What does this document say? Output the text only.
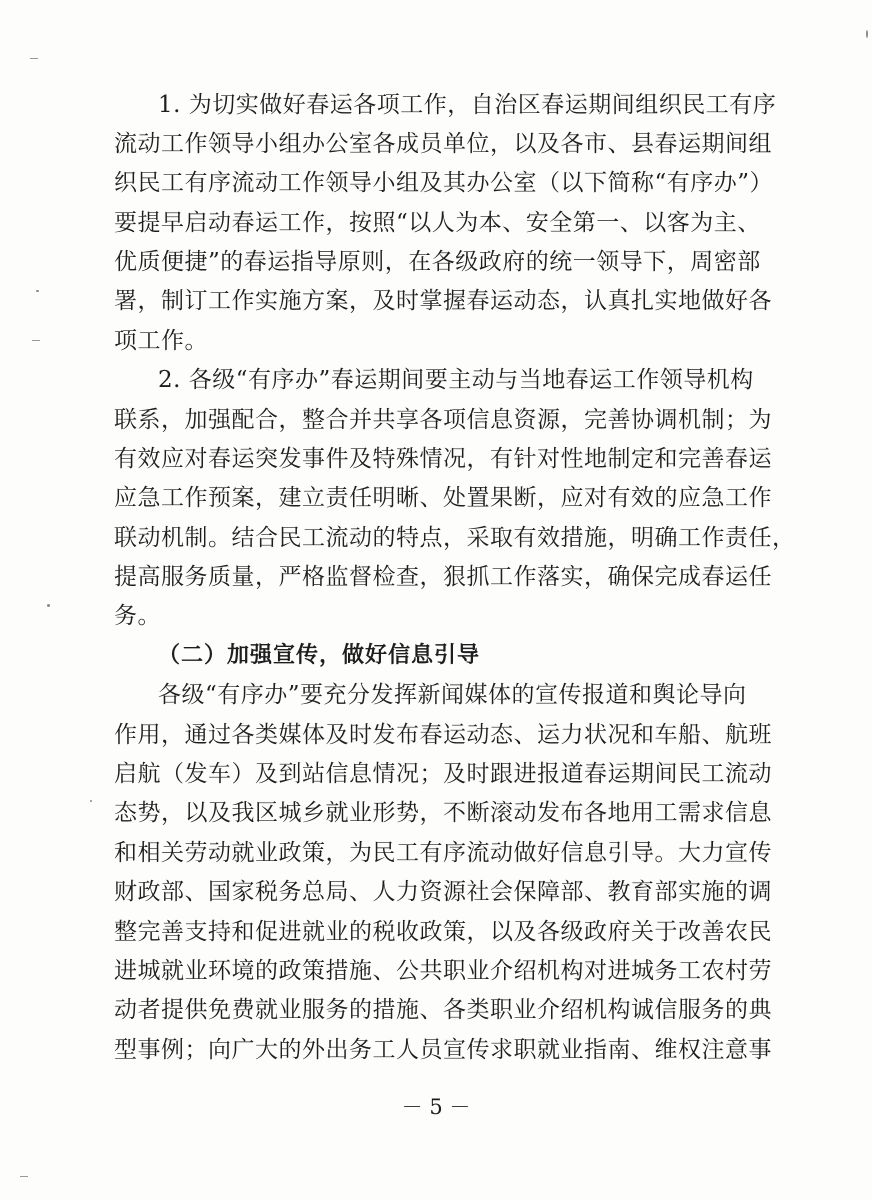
1. 为切实做好春运各项工作，自治区春运期间组织民工有序
流动工作领导小组办公室各成员单位，以及各市、县春运期间组
织民工有序流动工作领导小组及其办公室（以下简称“有序办”）
要提早启动春运工作，按照“以人为本、安全第一、以客为主、
优质便捷”的春运指导原则，在各级政府的统一领导下，周密部
署，制订工作实施方案，及时掌握春运动态，认真扎实地做好各
项工作。
2. 各级“有序办”春运期间要主动与当地春运工作领导机构
联系，加强配合，整合并共享各项信息资源，完善协调机制；为
有效应对春运突发事件及特殊情况，有针对性地制定和完善春运
应急工作预案，建立责任明晰、处置果断，应对有效的应急工作
联动机制。结合民工流动的特点，采取有效措施，明确工作责任，
提高服务质量，严格监督检查，狠抓工作落实，确保完成春运任
务。
（二）加强宣传，做好信息引导
各级“有序办”要充分发挥新闻媒体的宣传报道和舆论导向
作用，通过各类媒体及时发布春运动态、运力状况和车船、航班
启航（发车）及到站信息情况；及时跟进报道春运期间民工流动
态势，以及我区城乡就业形势，不断滚动发布各地用工需求信息
和相关劳动就业政策，为民工有序流动做好信息引导。大力宣传
财政部、国家税务总局、人力资源社会保障部、教育部实施的调
整完善支持和促进就业的税收政策，以及各级政府关于改善农民
进城就业环境的政策措施、公共职业介绍机构对进城务工农村劳
动者提供免费就业服务的措施、各类职业介绍机构诚信服务的典
型事例；向广大的外出务工人员宣传求职就业指南、维权注意事
－ 5 －
